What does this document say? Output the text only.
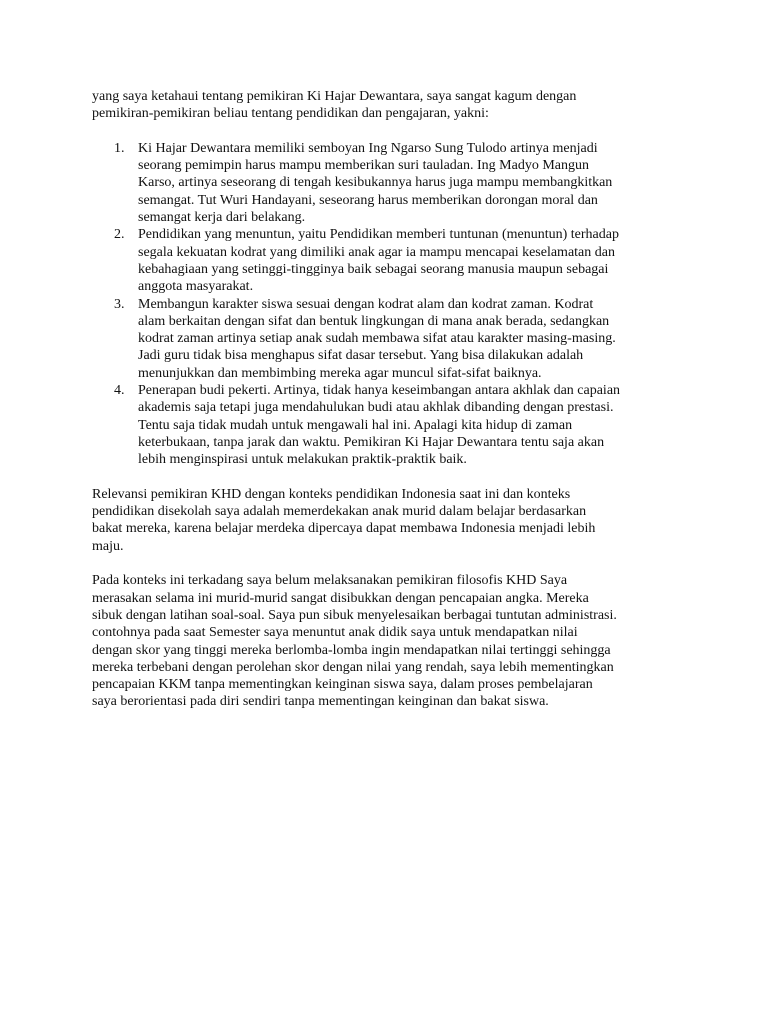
yang saya ketahaui tentang pemikiran Ki Hajar Dewantara, saya sangat kagum dengan
pemikiran-pemikiran beliau tentang pendidikan dan pengajaran, yakni:

1. Ki Hajar Dewantara memiliki semboyan Ing Ngarso Sung Tulodo artinya menjadi
seorang pemimpin harus mampu memberikan suri tauladan. Ing Madyo Mangun
Karso, artinya seseorang di tengah kesibukannya harus juga mampu membangkitkan
semangat. Tut Wuri Handayani, seseorang harus memberikan dorongan moral dan
semangat kerja dari belakang.
2. Pendidikan yang menuntun, yaitu Pendidikan memberi tuntunan (menuntun) terhadap
segala kekuatan kodrat yang dimiliki anak agar ia mampu mencapai keselamatan dan
kebahagiaan yang setinggi-tingginya baik sebagai seorang manusia maupun sebagai
anggota masyarakat.
3. Membangun karakter siswa sesuai dengan kodrat alam dan kodrat zaman. Kodrat
alam berkaitan dengan sifat dan bentuk lingkungan di mana anak berada, sedangkan
kodrat zaman artinya setiap anak sudah membawa sifat atau karakter masing-masing.
Jadi guru tidak bisa menghapus sifat dasar tersebut. Yang bisa dilakukan adalah
menunjukkan dan membimbing mereka agar muncul sifat-sifat baiknya.
4. Penerapan budi pekerti. Artinya, tidak hanya keseimbangan antara akhlak dan capaian
akademis saja tetapi juga mendahulukan budi atau akhlak dibanding dengan prestasi.
Tentu saja tidak mudah untuk mengawali hal ini. Apalagi kita hidup di zaman
keterbukaan, tanpa jarak dan waktu. Pemikiran Ki Hajar Dewantara tentu saja akan
lebih menginspirasi untuk melakukan praktik-praktik baik.

Relevansi pemikiran KHD dengan konteks pendidikan Indonesia saat ini dan konteks
pendidikan disekolah saya adalah memerdekakan anak murid dalam belajar berdasarkan
bakat mereka, karena belajar merdeka dipercaya dapat membawa Indonesia menjadi lebih
maju.

Pada konteks ini terkadang saya belum melaksanakan pemikiran filosofis KHD Saya
merasakan selama ini murid-murid sangat disibukkan dengan pencapaian angka. Mereka
sibuk dengan latihan soal-soal. Saya pun sibuk menyelesaikan berbagai tuntutan administrasi.
contohnya pada saat Semester saya menuntut anak didik saya untuk mendapatkan nilai
dengan skor yang tinggi mereka berlomba-lomba ingin mendapatkan nilai tertinggi sehingga
mereka terbebani dengan perolehan skor dengan nilai yang rendah, saya lebih mementingkan
pencapaian KKM tanpa mementingkan keinginan siswa saya, dalam proses pembelajaran
saya berorientasi pada diri sendiri tanpa mementingan keinginan dan bakat siswa.
